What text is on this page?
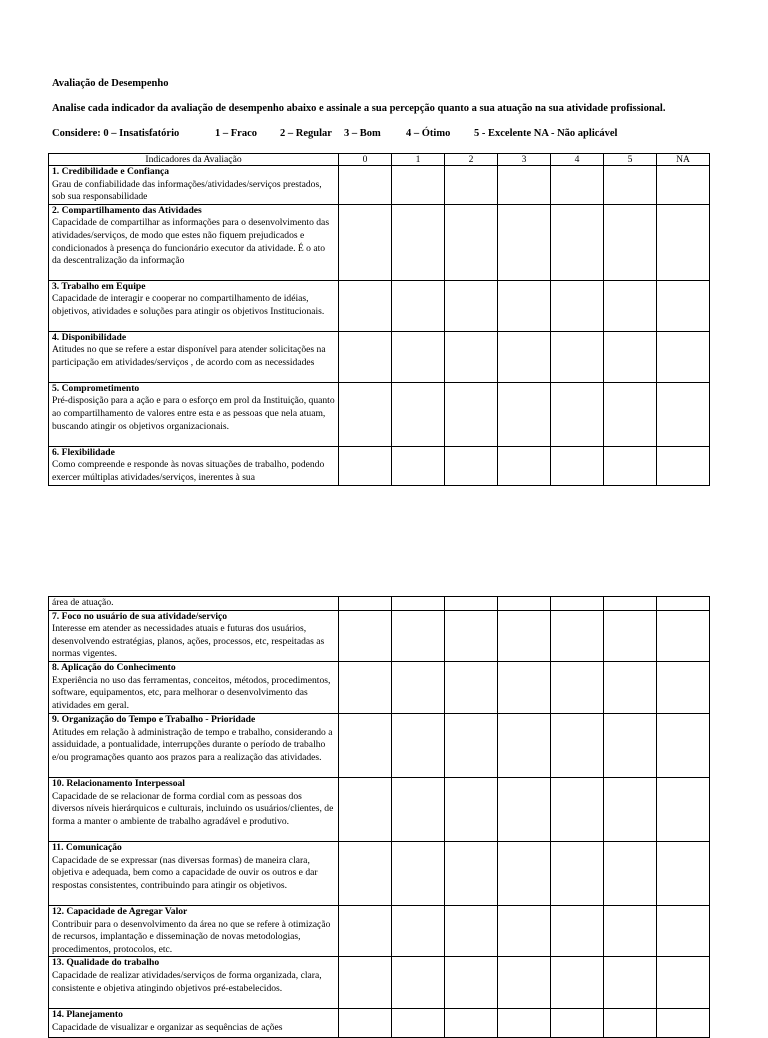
Avaliação de Desempenho
Analise cada indicador da avaliação de desempenho abaixo e assinale a sua percepção quanto a sua atuação na sua atividade profissional.
Considere: 0 – Insatisfatório	1 – Fraco 2 – Regular 3 – Bom 4 – Ótimo 5 - Excelente NA - Não aplicável
Indicadores da Avaliação	0	1	2	3	4	5	NA

1. Credibilidade e Confiança
Grau de confiabilidade das informações/atividades/serviços prestados, sob sua responsabilidade							

2. Compartilhamento das Atividades
Capacidade de compartilhar as informações para o desenvolvimento das atividades/serviços, de modo que estes não fiquem prejudicados e condicionados à presença do funcionário executor da atividade. É o ato da descentralização da informação							

3. Trabalho em Equipe
Capacidade de interagir e cooperar no compartilhamento de idéias, objetivos, atividades e soluções para atingir os objetivos Institucionais.							

4. Disponibilidade
Atitudes no que se refere a estar disponível para atender solicitações na participação em atividades/serviços , de acordo com as necessidades							

5. Comprometimento
Pré-disposição para a ação e para o esforço em prol da Instituição, quanto ao compartilhamento de valores entre esta e as pessoas que nela atuam, buscando atingir os objetivos organizacionais.							

6. Flexibilidade
Como compreende e responde às novas situações de trabalho, podendo exercer múltiplas atividades/serviços, inerentes à sua							

área de atuação.							

7. Foco no usuário de sua atividade/serviço
Interesse em atender as necessidades atuais e futuras dos usuários, desenvolvendo estratégias, planos, ações, processos, etc, respeitadas as normas vigentes.							

8. Aplicação do Conhecimento
Experiência no uso das ferramentas, conceitos, métodos, procedimentos, software, equipamentos, etc, para melhorar o desenvolvimento das atividades em geral.							

9. Organização do Tempo e Trabalho - Prioridade
Atitudes em relação à administração de tempo e trabalho, considerando a assiduidade, a pontualidade, interrupções durante o período de trabalho e/ou programações quanto aos prazos para a realização das atividades.							

10. Relacionamento Interpessoal
Capacidade de se relacionar de forma cordial com as pessoas dos diversos níveis hierárquicos e culturais, incluindo os usuários/clientes, de forma a manter o ambiente de trabalho agradável e produtivo.							

11. Comunicação
Capacidade de se expressar (nas diversas formas) de maneira clara, objetiva e adequada, bem como a capacidade de ouvir os outros e dar respostas consistentes, contribuindo para atingir os objetivos.							

12. Capacidade de Agregar Valor
Contribuir para o desenvolvimento da área no que se refere à otimização de recursos, implantação e disseminação de novas metodologias, procedimentos, protocolos, etc.							

13. Qualidade do trabalho
Capacidade de realizar atividades/serviços de forma organizada, clara, consistente e objetiva atingindo objetivos pré-estabelecidos.							

14. Planejamento
Capacidade de visualizar e organizar as sequências de ações							
